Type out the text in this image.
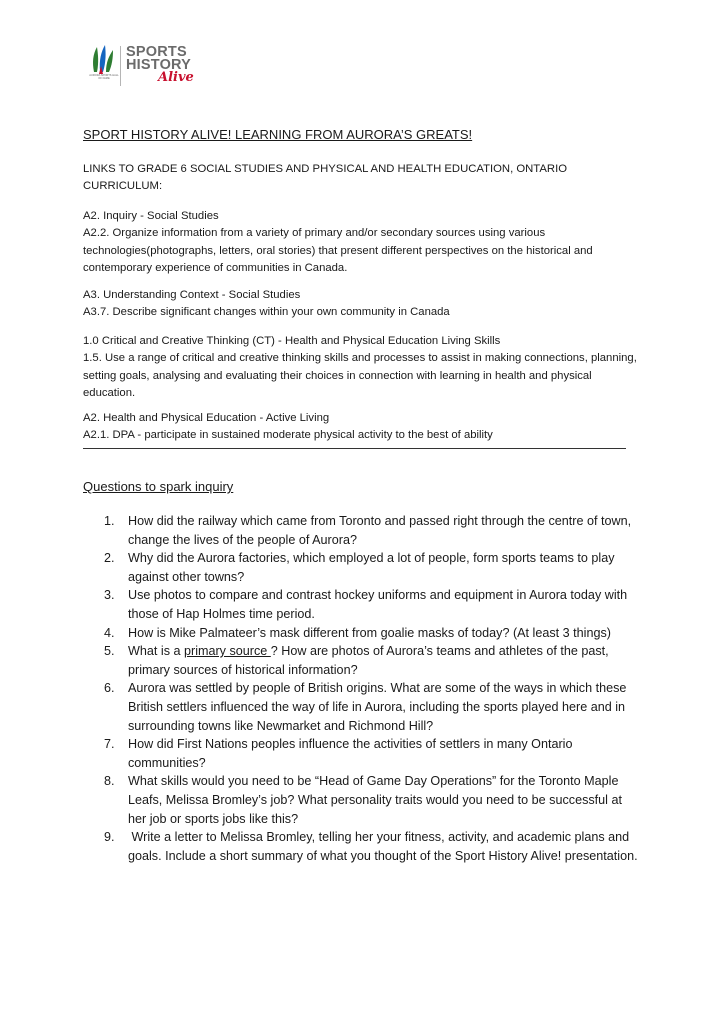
AURORA SPORTS HALL OF FAME
SPORTS
HISTORY
Alive
SPORT HISTORY ALIVE! LEARNING FROM AURORA’S GREATS!

LINKS TO GRADE 6 SOCIAL STUDIES AND PHYSICAL AND HEALTH EDUCATION, ONTARIO CURRICULUM:

A2. Inquiry - Social Studies

A2.2. Organize information from a variety of primary and/or secondary sources using various technologies(photographs, letters, oral stories) that present different perspectives on the historical and contemporary experience of communities in Canada.

A3. Understanding Context - Social Studies

A3.7. Describe significant changes within your own community in Canada

1.0 Critical and Creative Thinking (CT) - Health and Physical Education Living Skills

1.5. Use a range of critical and creative thinking skills and processes to assist in making connections, planning, setting goals, analysing and evaluating their choices in connection with learning in health and physical education.

A2. Health and Physical Education - Active Living

A2.1. DPA - participate in sustained moderate physical activity to the best of ability

Questions to spark inquiry
1. How did the railway which came from Toronto and passed right through the centre of town, change the lives of the people of Aurora?
2. Why did the Aurora factories, which employed a lot of people, form sports teams to play against other towns?
3. Use photos to compare and contrast hockey uniforms and equipment in Aurora today with those of Hap Holmes time period.
4. How is Mike Palmateer’s mask different from goalie masks of today? (At least 3 things)
5. What is a primary source ? How are photos of Aurora’s teams and athletes of the past, primary sources of historical information?
6. Aurora was settled by people of British origins. What are some of the ways in which these British settlers influenced the way of life in Aurora, including the sports played here and in surrounding towns like Newmarket and Richmond Hill?
7. How did First Nations peoples influence the activities of settlers in many Ontario communities?
8. What skills would you need to be “Head of Game Day Operations” for the Toronto Maple Leafs, Melissa Bromley’s job? What personality traits would you need to be successful at her job or sports jobs like this?
9. Write a letter to Melissa Bromley, telling her your fitness, activity, and academic plans and goals. Include a short summary of what you thought of the Sport History Alive! presentation.
